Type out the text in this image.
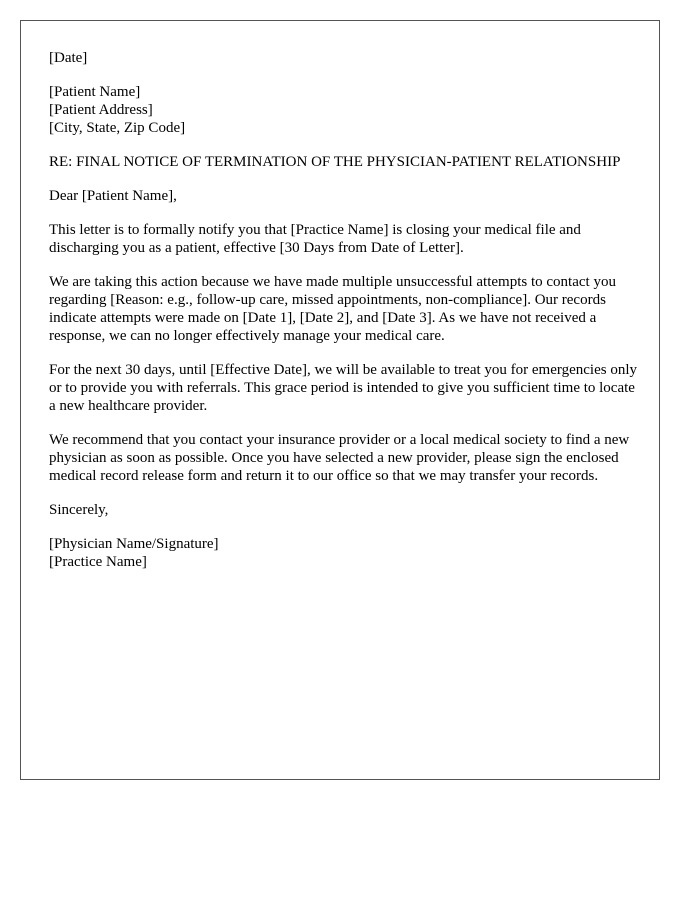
[Date]
[Patient Name]
[Patient Address]
[City, State, Zip Code]

RE: FINAL NOTICE OF TERMINATION OF THE PHYSICIAN-PATIENT RELATIONSHIP

Dear [Patient Name],

This letter is to formally notify you that [Practice Name] is closing your medical file and discharging you as a patient, effective [30 Days from Date of Letter].

We are taking this action because we have made multiple unsuccessful attempts to contact you regarding [Reason: e.g., follow-up care, missed appointments, non-compliance]. Our records indicate attempts were made on [Date 1], [Date 2], and [Date 3]. As we have not received a response, we can no longer effectively manage your medical care.

For the next 30 days, until [Effective Date], we will be available to treat you for emergencies only or to provide you with referrals. This grace period is intended to give you sufficient time to locate a new healthcare provider.

We recommend that you contact your insurance provider or a local medical society to find a new physician as soon as possible. Once you have selected a new provider, please sign the enclosed medical record release form and return it to our office so that we may transfer your records.

Sincerely,

[Physician Name/Signature]
[Practice Name]
